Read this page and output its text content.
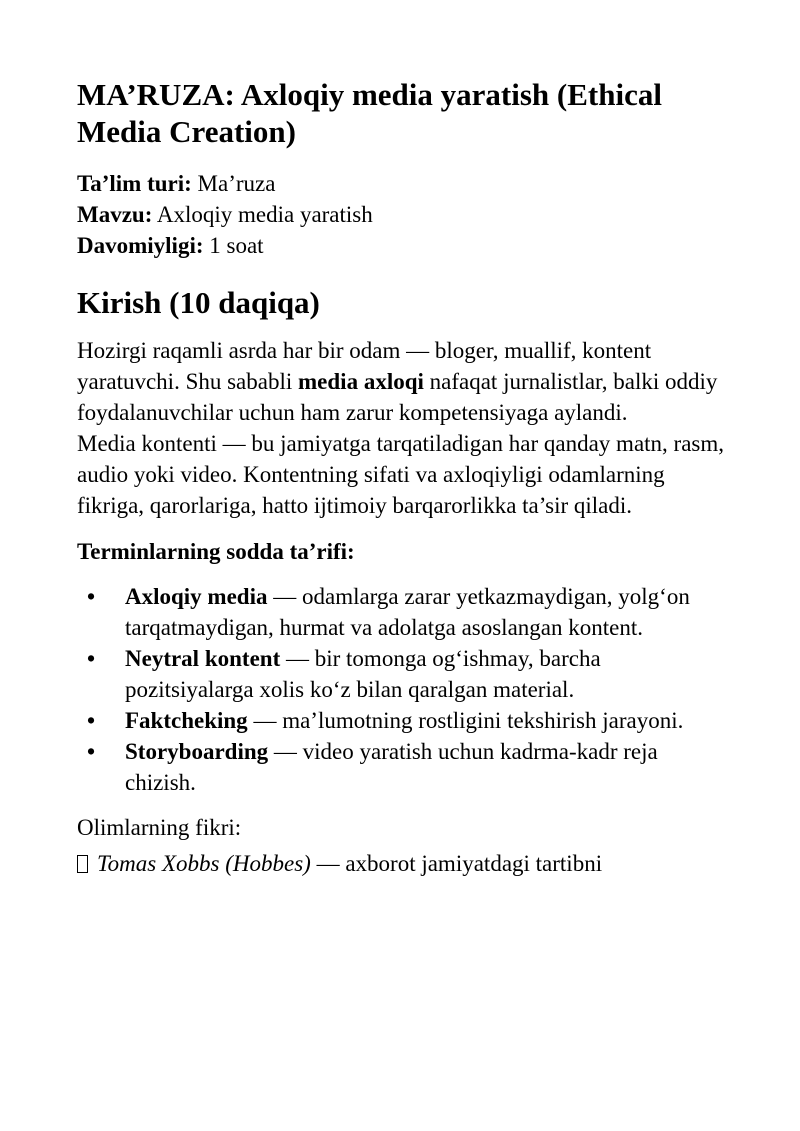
MA’RUZA: Axloqiy media yaratish (Ethical Media Creation)
Ta’lim turi: Ma’ruza
Mavzu: Axloqiy media yaratish
Davomiyligi: 1 soat
Kirish (10 daqiqa)

Hozirgi raqamli asrda har bir odam — bloger, muallif, kontent yaratuvchi. Shu sababli media axloqi nafaqat jurnalistlar, balki oddiy foydalanuvchilar uchun ham zarur kompetensiyaga aylandi.

Media kontenti — bu jamiyatga tarqatiladigan har qanday matn, rasm, audio yoki video. Kontentning sifati va axloqiyligi odamlarning fikriga, qarorlariga, hatto ijtimoiy barqarorlikka ta’sir qiladi.

Terminlarning sodda ta’rifi:
• Axloqiy media — odamlarga zarar yetkazmaydigan, yolg‘on tarqatmaydigan, hurmat va adolatga asoslangan kontent.
• Neytral kontent — bir tomonga og‘ishmay, barcha pozitsiyalarga xolis ko‘z bilan qaralgan material.
• Faktcheking — ma’lumotning rostligini tekshirish jarayoni.
• Storyboarding — video yaratish uchun kadrma-kadr reja chizish.
Olimlarning fikri:

Tomas Xobbs (Hobbes) — axborot jamiyatdagi tartibni
